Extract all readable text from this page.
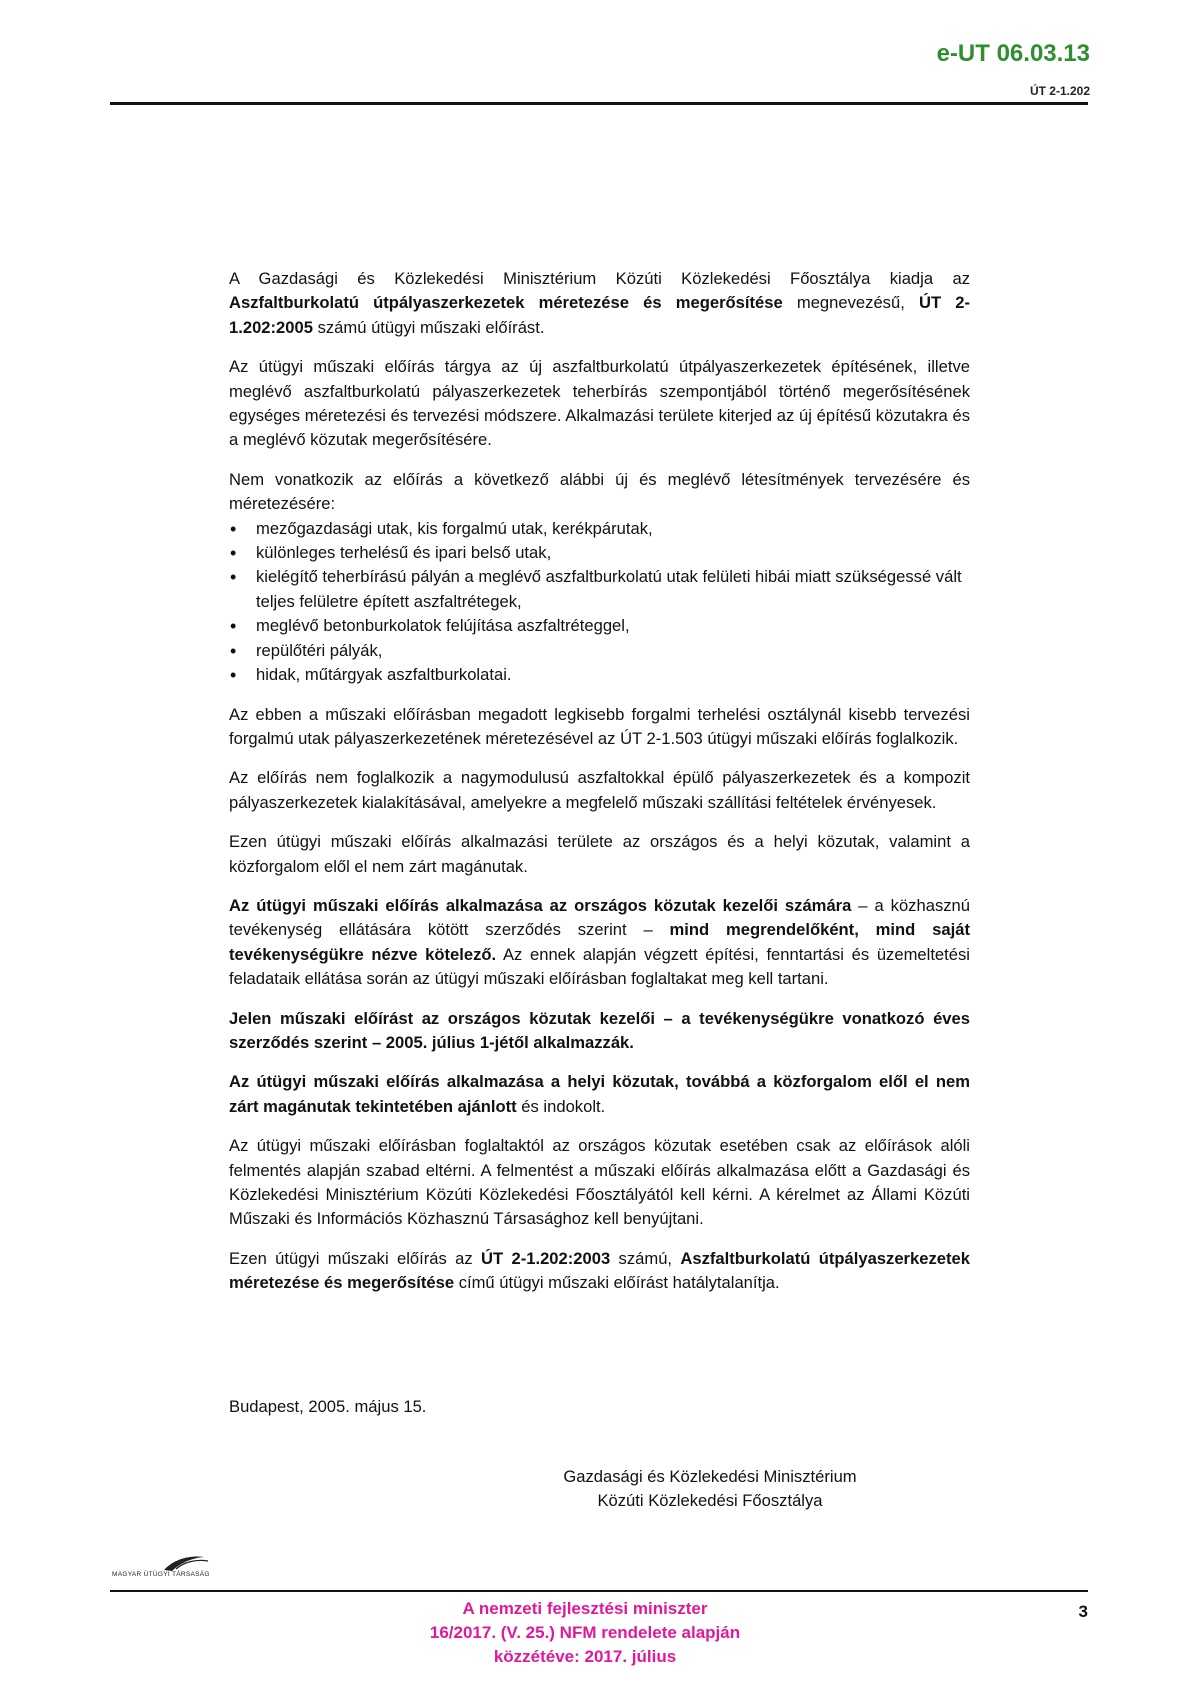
e-UT 06.03.13
ÚT 2-1.202

A Gazdasági és Közlekedési Minisztérium Közúti Közlekedési Főosztálya kiadja az Aszfaltburkolatú útpályaszerkezetek méretezése és megerősítése megnevezésű, ÚT 2-1.202:2005 számú útügyi műszaki előírást.

Az útügyi műszaki előírás tárgya az új aszfaltburkolatú útpályaszerkezetek építésének, illetve meglévő aszfaltburkolatú pályaszerkezetek teherbírás szempontjából történő megerősítésének egységes méretezési és tervezési módszere. Alkalmazási területe kiterjed az új építésű közutakra és a meglévő közutak megerősítésére.

Nem vonatkozik az előírás a következő alábbi új és meglévő létesítmények tervezésére és méretezésére:

• mezőgazdasági utak, kis forgalmú utak, kerékpárutak,
• különleges terhelésű és ipari belső utak,
• kielégítő teherbírású pályán a meglévő aszfaltburkolatú utak felületi hibái miatt szükségessé vált teljes felületre épített aszfaltrétegek,
• meglévő betonburkolatok felújítása aszfaltréteggel,
• repülőtéri pályák,
• hidak, műtárgyak aszfaltburkolatai.

Az ebben a műszaki előírásban megadott legkisebb forgalmi terhelési osztálynál kisebb tervezési forgalmú utak pályaszerkezetének méretezésével az ÚT 2-1.503 útügyi műszaki előírás foglalkozik.

Az előírás nem foglalkozik a nagymodulusú aszfaltokkal épülő pályaszerkezetek és a kompozit pályaszerkezetek kialakításával, amelyekre a megfelelő műszaki szállítási feltételek érvényesek.

Ezen útügyi műszaki előírás alkalmazási területe az országos és a helyi közutak, valamint a közforgalom elől el nem zárt magánutak.

Az útügyi műszaki előírás alkalmazása az országos közutak kezelői számára – a közhasznú tevékenység ellátására kötött szerződés szerint – mind megrendelőként, mind saját tevékenységükre nézve kötelező. Az ennek alapján végzett építési, fenntartási és üzemeltetési feladataik ellátása során az útügyi műszaki előírásban foglaltakat meg kell tartani.

Jelen műszaki előírást az országos közutak kezelői – a tevékenységükre vonatkozó éves szerződés szerint – 2005. július 1-jétől alkalmazzák.

Az útügyi műszaki előírás alkalmazása a helyi közutak, továbbá a közforgalom elől el nem zárt magánutak tekintetében ajánlott és indokolt.

Az útügyi műszaki előírásban foglaltaktól az országos közutak esetében csak az előírások alóli felmentés alapján szabad eltérni. A felmentést a műszaki előírás alkalmazása előtt a Gazdasági és Közlekedési Minisztérium Közúti Közlekedési Főosztályától kell kérni. A kérelmet az Állami Közúti Műszaki és Információs Közhasznú Társasághoz kell benyújtani.

Ezen útügyi műszaki előírás az ÚT 2-1.202:2003 számú, Aszfaltburkolatú útpályaszerkezetek méretezése és megerősítése című útügyi műszaki előírást hatálytalanítja.

Budapest, 2005. május 15.
Gazdasági és Közlekedési Minisztérium
Közúti Közlekedési Főosztálya
MAGYAR ÚTÜGYI TÁRSASÁG
A nemzeti fejlesztési miniszter
16/2017. (V. 25.) NFM rendelete alapján
közzétéve: 2017. július
3
